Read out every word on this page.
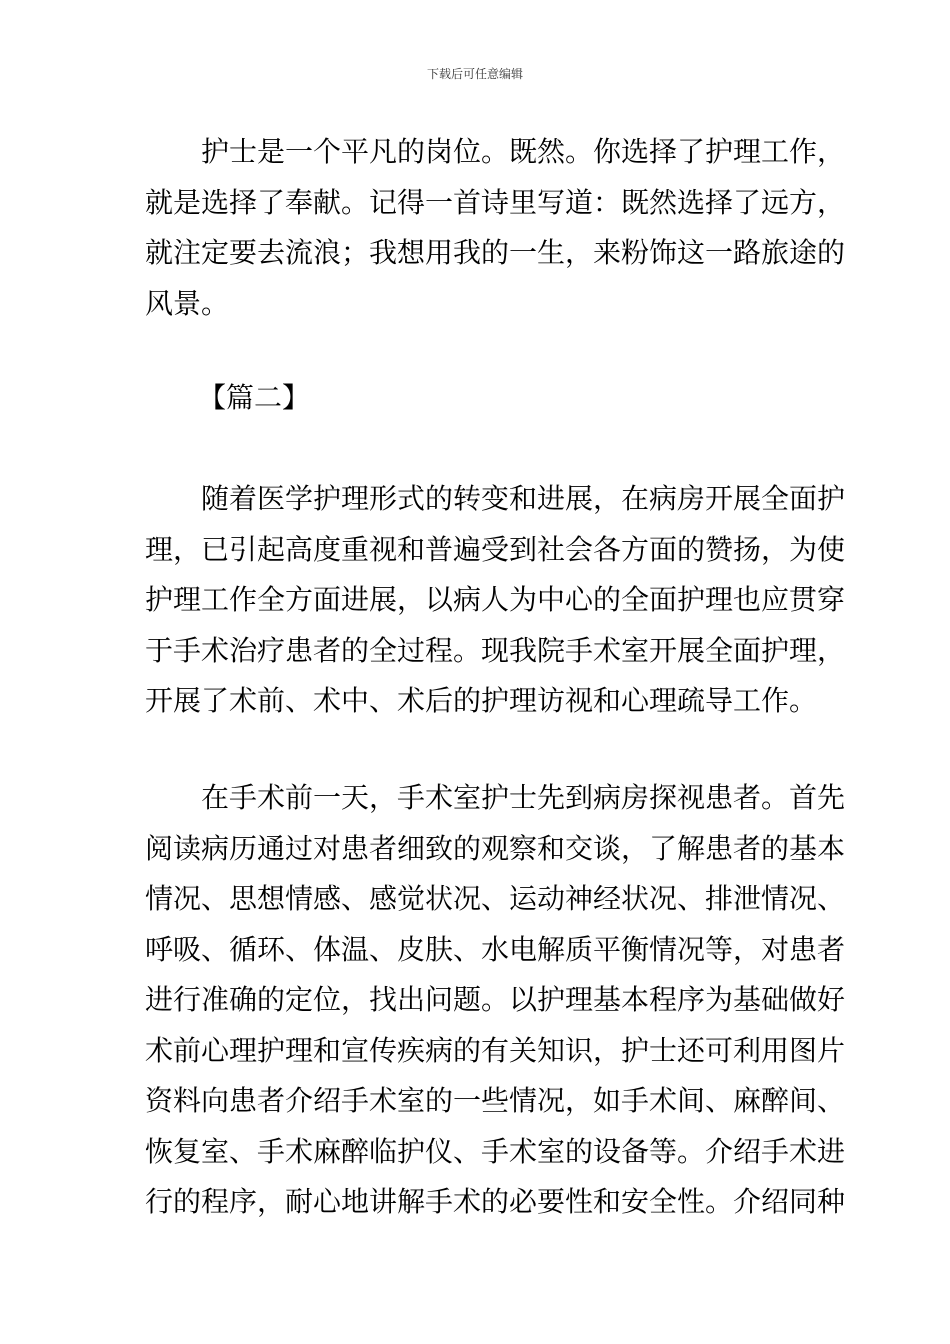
下载后可任意编辑
护士是一个平凡的岗位。既然。你选择了护理工作，
就是选择了奉献。记得一首诗里写道：既然选择了远方，
就注定要去流浪；我想用我的一生，来粉饰这一路旅途的
风景。
【篇二】
随着医学护理形式的转变和进展，在病房开展全面护
理，已引起高度重视和普遍受到社会各方面的赞扬，为使
护理工作全方面进展，以病人为中心的全面护理也应贯穿
于手术治疗患者的全过程。现我院手术室开展全面护理，
开展了术前、术中、术后的护理访视和心理疏导工作。
在手术前一天，手术室护士先到病房探视患者。首先
阅读病历通过对患者细致的观察和交谈，了解患者的基本
情况、思想情感、感觉状况、运动神经状况、排泄情况、
呼吸、循环、体温、皮肤、水电解质平衡情况等，对患者
进行准确的定位，找出问题。以护理基本程序为基础做好
术前心理护理和宣传疾病的有关知识，护士还可利用图片
资料向患者介绍手术室的一些情况，如手术间、麻醉间、
恢复室、手术麻醉临护仪、手术室的设备等。介绍手术进
行的程序，耐心地讲解手术的必要性和安全性。介绍同种
